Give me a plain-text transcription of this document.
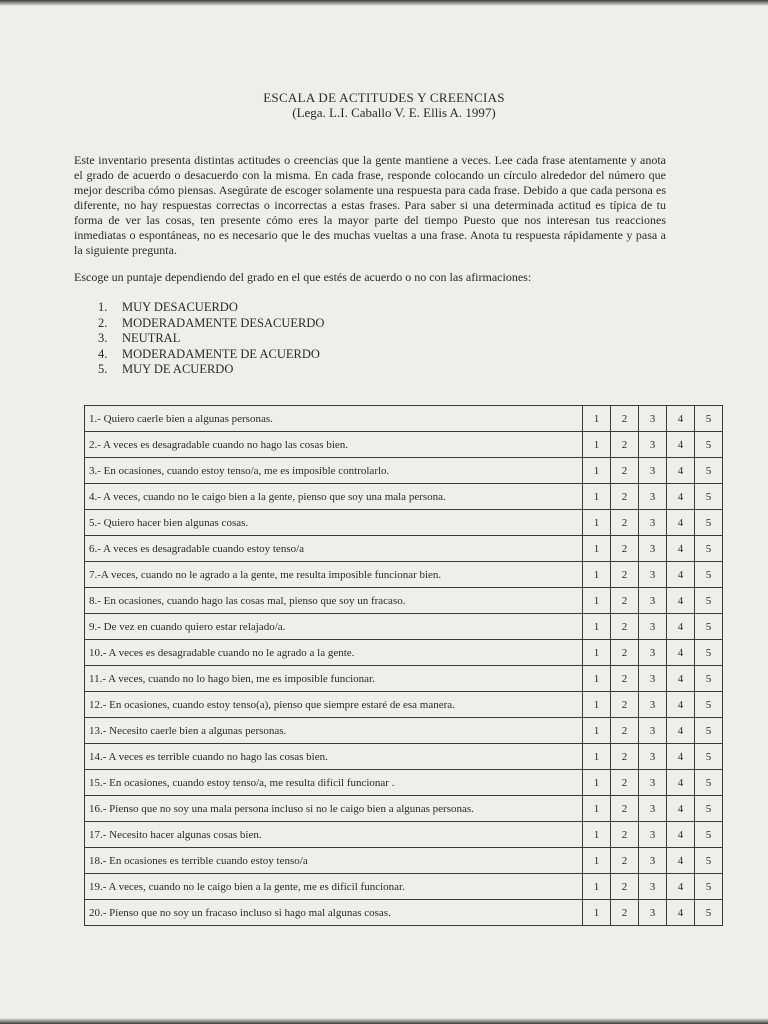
ESCALA DE ACTITUDES Y CREENCIAS
(Lega. L.I. Caballo V. E. Ellis A. 1997)

Este inventario presenta distintas actitudes o creencias que la gente mantiene a veces. Lee cada frase atentamente y anota el grado de acuerdo o desacuerdo con la misma. En cada frase, responde colocando un círculo alrededor del número que mejor describa cómo piensas. Asegúrate de escoger solamente una respuesta para cada frase. Debido a que cada persona es diferente, no hay respuestas correctas o incorrectas a estas frases. Para saber si una determinada actitud es típica de tu forma de ver las cosas, ten presente cómo eres la mayor parte del tiempo Puesto que nos interesan tus reacciones inmediatas o espontáneas, no es necesario que le des muchas vueltas a una frase. Anota tu respuesta rápidamente y pasa a la siguiente pregunta.

Escoge un puntaje dependiendo del grado en el que estés de acuerdo o no con las afirmaciones:

1. MUY DESACUERDO
2. MODERADAMENTE DESACUERDO
3. NEUTRAL
4. MODERADAMENTE DE ACUERDO
5. MUY DE ACUERDO
1.- Quiero caerle bien a algunas personas.	1	2	3	4	5
2.- A veces es desagradable cuando no hago las cosas bien.	1	2	3	4	5
3.- En ocasiones, cuando estoy tenso/a, me es imposible controlarlo.	1	2	3	4	5
4.- A veces, cuando no le caigo bien a la gente, pienso que soy una mala persona.	1	2	3	4	5
5.- Quiero hacer bien algunas cosas.	1	2	3	4	5
6.- A veces es desagradable cuando estoy tenso/a	1	2	3	4	5
7.-A veces, cuando no le agrado a la gente, me resulta imposible funcionar bien.	1	2	3	4	5
8.- En ocasiones, cuando hago las cosas mal, pienso que soy un fracaso.	1	2	3	4	5
9.- De vez en cuando quiero estar relajado/a.	1	2	3	4	5
10.- A veces es desagradable cuando no le agrado a la gente.	1	2	3	4	5
11.- A veces, cuando no lo hago bien, me es imposible funcionar.	1	2	3	4	5
12.- En ocasiones, cuando estoy tenso(a), pienso que siempre estaré de esa manera.	1	2	3	4	5
13.- Necesito caerle bien a algunas personas.	1	2	3	4	5
14.- A veces es terrible cuando no hago las cosas bien.	1	2	3	4	5
15.- En ocasiones, cuando estoy tenso/a, me resulta difícil funcionar .	1	2	3	4	5
16.- Pienso que no soy una mala persona incluso si no le caigo bien a algunas personas.	1	2	3	4	5
17.- Necesito hacer algunas cosas bien.	1	2	3	4	5
18.- En ocasiones es terrible cuando estoy tenso/a	1	2	3	4	5
19.- A veces, cuando no le caigo bien a la gente, me es difícil funcionar.	1	2	3	4	5
20.- Pienso que no soy un fracaso incluso si hago mal algunas cosas.	1	2	3	4	5
